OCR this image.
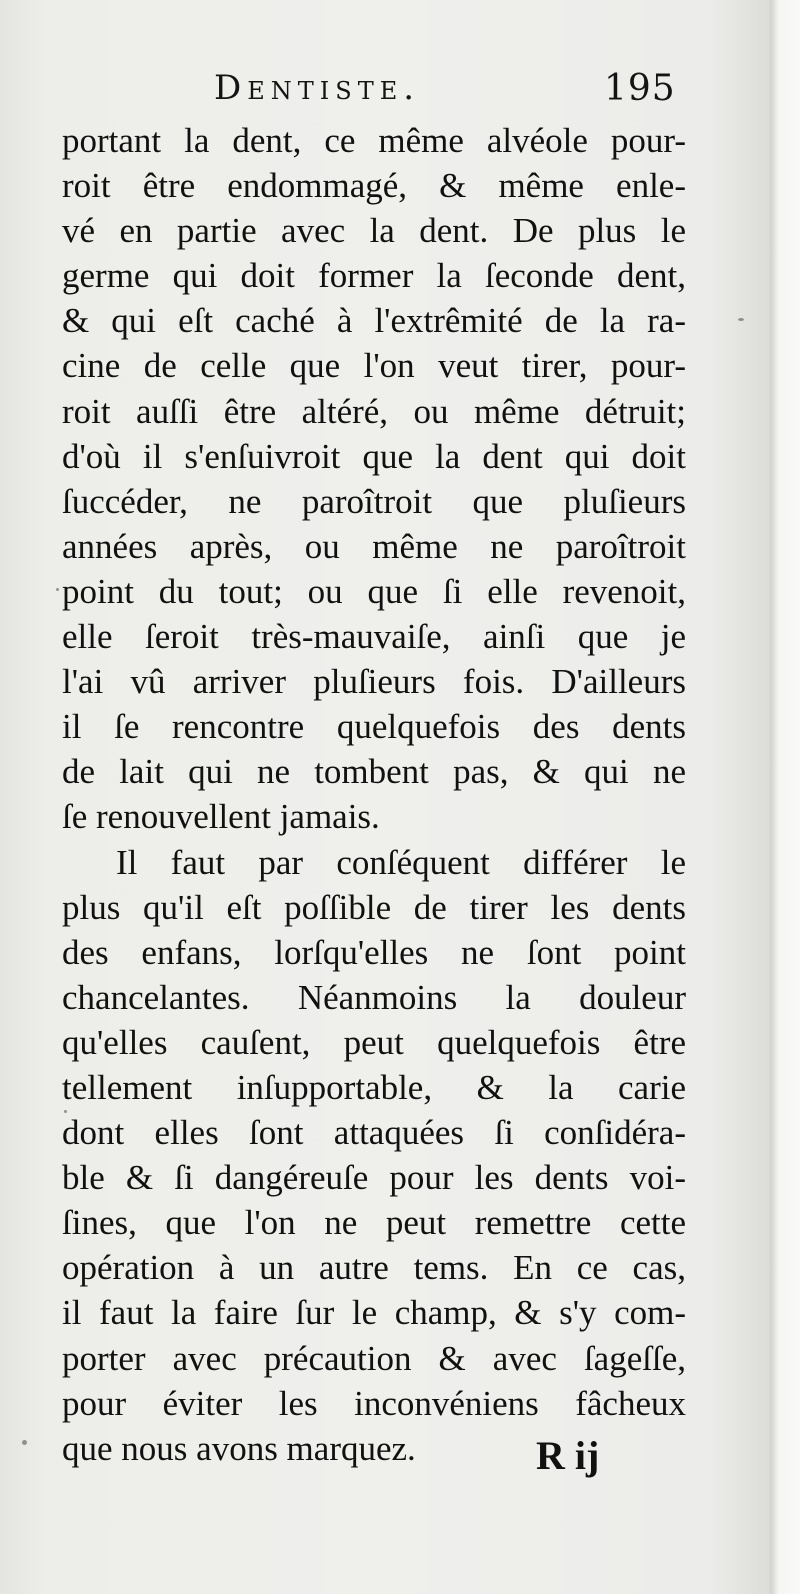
Dentiste.	195
portant la dent, ce même alvéole pour-
roit être endommagé, & même enle-
vé en partie avec la dent. De plus le
germe qui doit former la ſeconde dent,
& qui eſt caché à l'extrêmité de la ra-
cine de celle que l'on veut tirer, pour-
roit auſſi être altéré, ou même détruit;
d'où il s'enſuivroit que la dent qui doit
ſuccéder, ne paroîtroit que pluſieurs
années après, ou même ne paroîtroit
point du tout; ou que ſi elle revenoit,
elle ſeroit très-mauvaiſe, ainſi que je
l'ai vû arriver pluſieurs fois. D'ailleurs
il ſe rencontre quelquefois des dents
de lait qui ne tombent pas, & qui ne
ſe renouvellent jamais.
Il faut par conſéquent différer le
plus qu'il eſt poſſible de tirer les dents
des enfans, lorſqu'elles ne ſont point
chancelantes. Néanmoins la douleur
qu'elles cauſent, peut quelquefois être
tellement inſupportable, & la carie
dont elles ſont attaquées ſi conſidéra-
ble & ſi dangéreuſe pour les dents voi-
ſines, que l'on ne peut remettre cette
opération à un autre tems. En ce cas,
il faut la faire ſur le champ, & s'y com-
porter avec précaution & avec ſageſſe,
pour éviter les inconvéniens fâcheux
que nous avons marquez.	R ij
